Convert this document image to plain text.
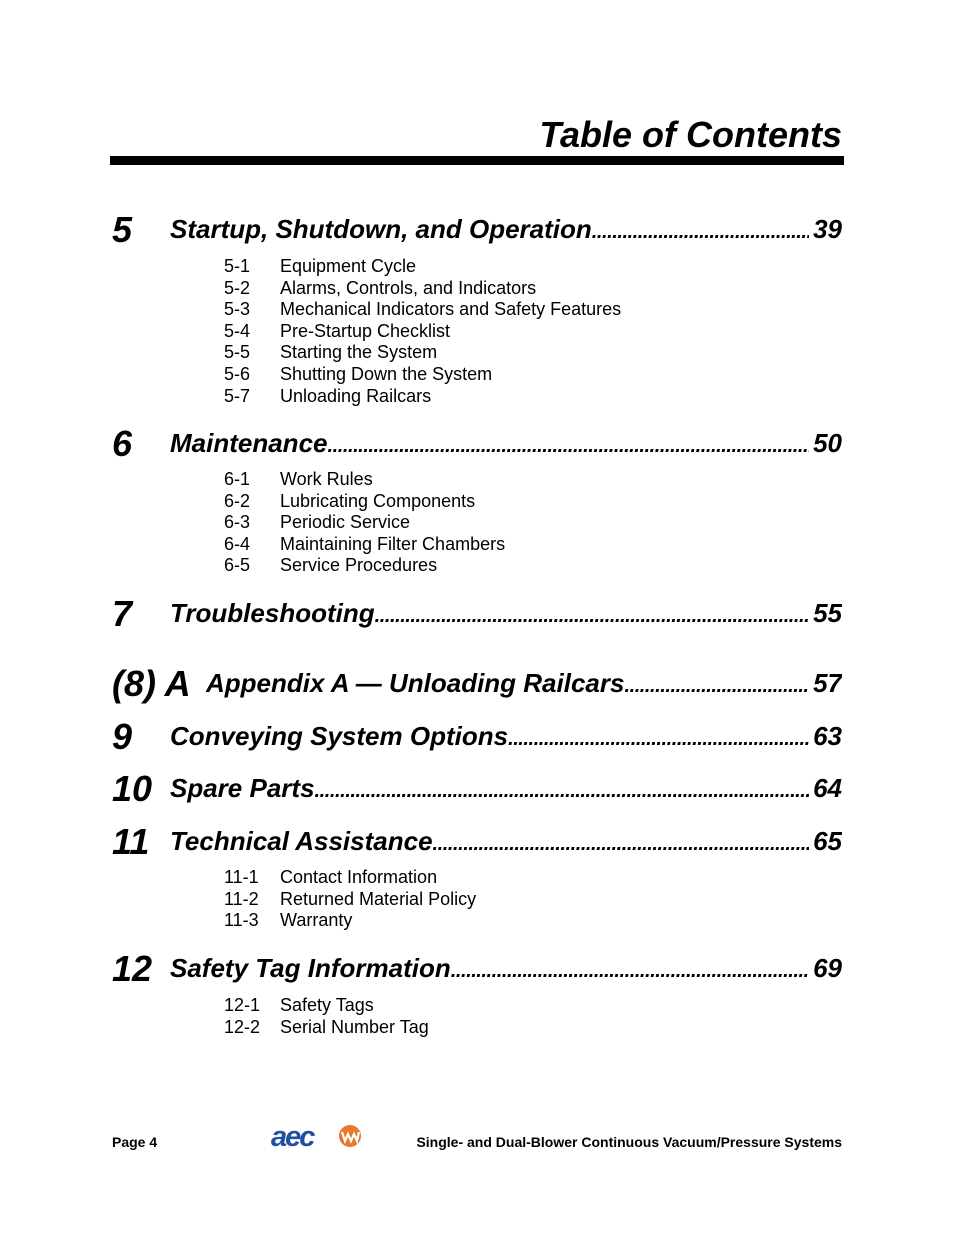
Table of Contents
5 Startup, Shutdown, and Operation . . .	39
5-1	Equipment Cycle
5-2	Alarms, Controls, and Indicators
5-3	Mechanical Indicators and Safety Features
5-4	Pre-Startup Checklist
5-5	Starting the System
5-6	Shutting Down the System
5-7	Unloading Railcars
6 Maintenance . . .	50
6-1	Work Rules
6-2	Lubricating Components
6-3	Periodic Service
6-4	Maintaining Filter Chambers
6-5	Service Procedures
7 Troubleshooting . . .	55
(8) A Appendix A — Unloading Railcars . . .	57
9 Conveying System Options . . .	63
10 Spare Parts . . .	64
11 Technical Assistance . . .	65
11-1	Contact Information
11-2	Returned Material Policy
11-3	Warranty
12 Safety Tag Information . . .	69
12-1	Safety Tags
12-2	Serial Number Tag
Page 4	aec	Single- and Dual-Blower Continuous Vacuum/Pressure Systems
